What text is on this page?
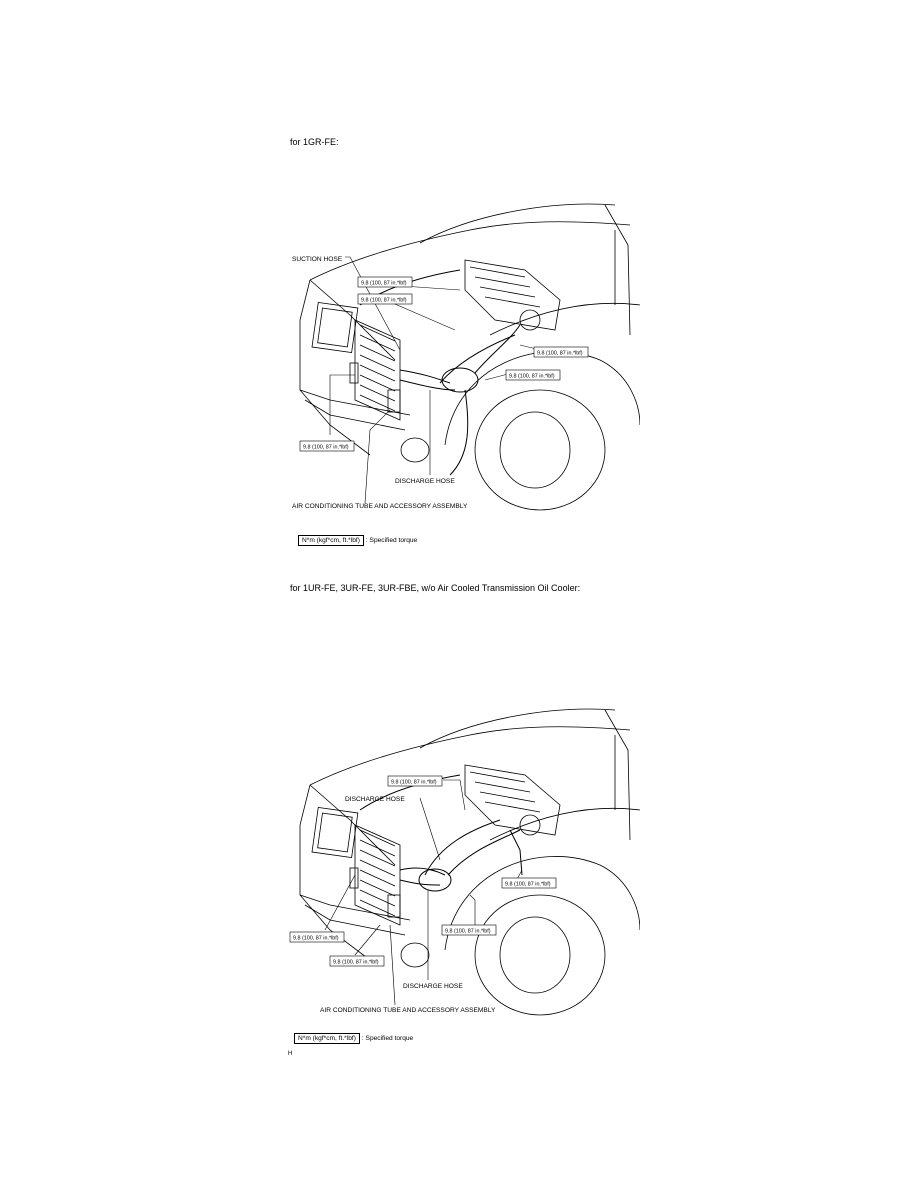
for 1GR-FE:
SUCTION HOSE
9.8 (100, 87 in.*lbf)
9.8 (100, 87 in.*lbf)
9.8 (100, 87 in.*lbf)
9.8 (100, 87 in.*lbf)
9.8 (100, 87 in.*lbf)
DISCHARGE HOSE
AIR CONDITIONING TUBE AND ACCESSORY ASSEMBLY
N*m (kgf*cm, ft.*lbf) : Specified torque
for 1UR-FE, 3UR-FE, 3UR-FBE, w/o Air Cooled Transmission Oil Cooler:
9.8 (100, 87 in.*lbf)
DISCHARGE HOSE
9.8 (100, 87 in.*lbf)
9.8 (100, 87 in.*lbf)
9.8 (100, 87 in.*lbf)
9.8 (100, 87 in.*lbf)
DISCHARGE HOSE
AIR CONDITIONING TUBE AND ACCESSORY ASSEMBLY
N*m (kgf*cm, ft.*lbf) : Specified torque
H
